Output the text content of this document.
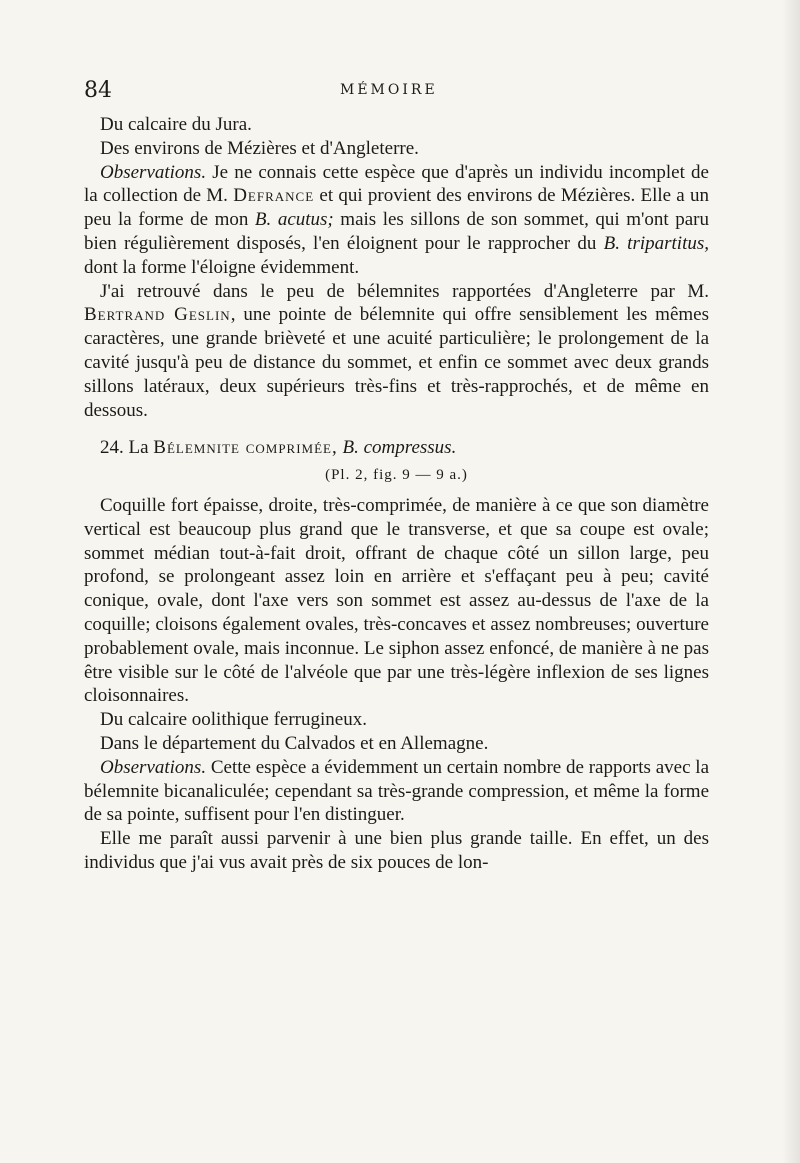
84	MÉMOIRE

Du calcaire du Jura.

Des environs de Mézières et d'Angleterre.

Observations. Je ne connais cette espèce que d'après un individu incomplet de la collection de M. Defrance et qui provient des environs de Mézières. Elle a un peu la forme de mon B. acutus; mais les sillons de son sommet, qui m'ont paru bien régulièrement disposés, l'en éloignent pour le rapprocher du B. tripartitus, dont la forme l'éloigne évidemment.

J'ai retrouvé dans le peu de bélemnites rapportées d'Angleterre par M. Bertrand Geslin, une pointe de bélemnite qui offre sensiblement les mêmes caractères, une grande brièveté et une acuité particulière; le prolongement de la cavité jusqu'à peu de distance du sommet, et enfin ce sommet avec deux grands sillons latéraux, deux supérieurs très-fins et très-rapprochés, et de même en dessous.

24. La Bélemnite comprimée, B. compressus.

(Pl. 2, fig. 9 — 9 a.)

Coquille fort épaisse, droite, très-comprimée, de manière à ce que son diamètre vertical est beaucoup plus grand que le transverse, et que sa coupe est ovale; sommet médian tout-à-fait droit, offrant de chaque côté un sillon large, peu profond, se prolongeant assez loin en arrière et s'effaçant peu à peu; cavité conique, ovale, dont l'axe vers son sommet est assez au-dessus de l'axe de la coquille; cloisons également ovales, très-concaves et assez nombreuses; ouverture probablement ovale, mais inconnue. Le siphon assez enfoncé, de manière à ne pas être visible sur le côté de l'alvéole que par une très-légère inflexion de ses lignes cloisonnaires.

Du calcaire oolithique ferrugineux.

Dans le département du Calvados et en Allemagne.

Observations. Cette espèce a évidemment un certain nombre de rapports avec la bélemnite bicanaliculée; cependant sa très-grande compression, et même la forme de sa pointe, suffisent pour l'en distinguer.

Elle me paraît aussi parvenir à une bien plus grande taille. En effet, un des individus que j'ai vus avait près de six pouces de lon-
